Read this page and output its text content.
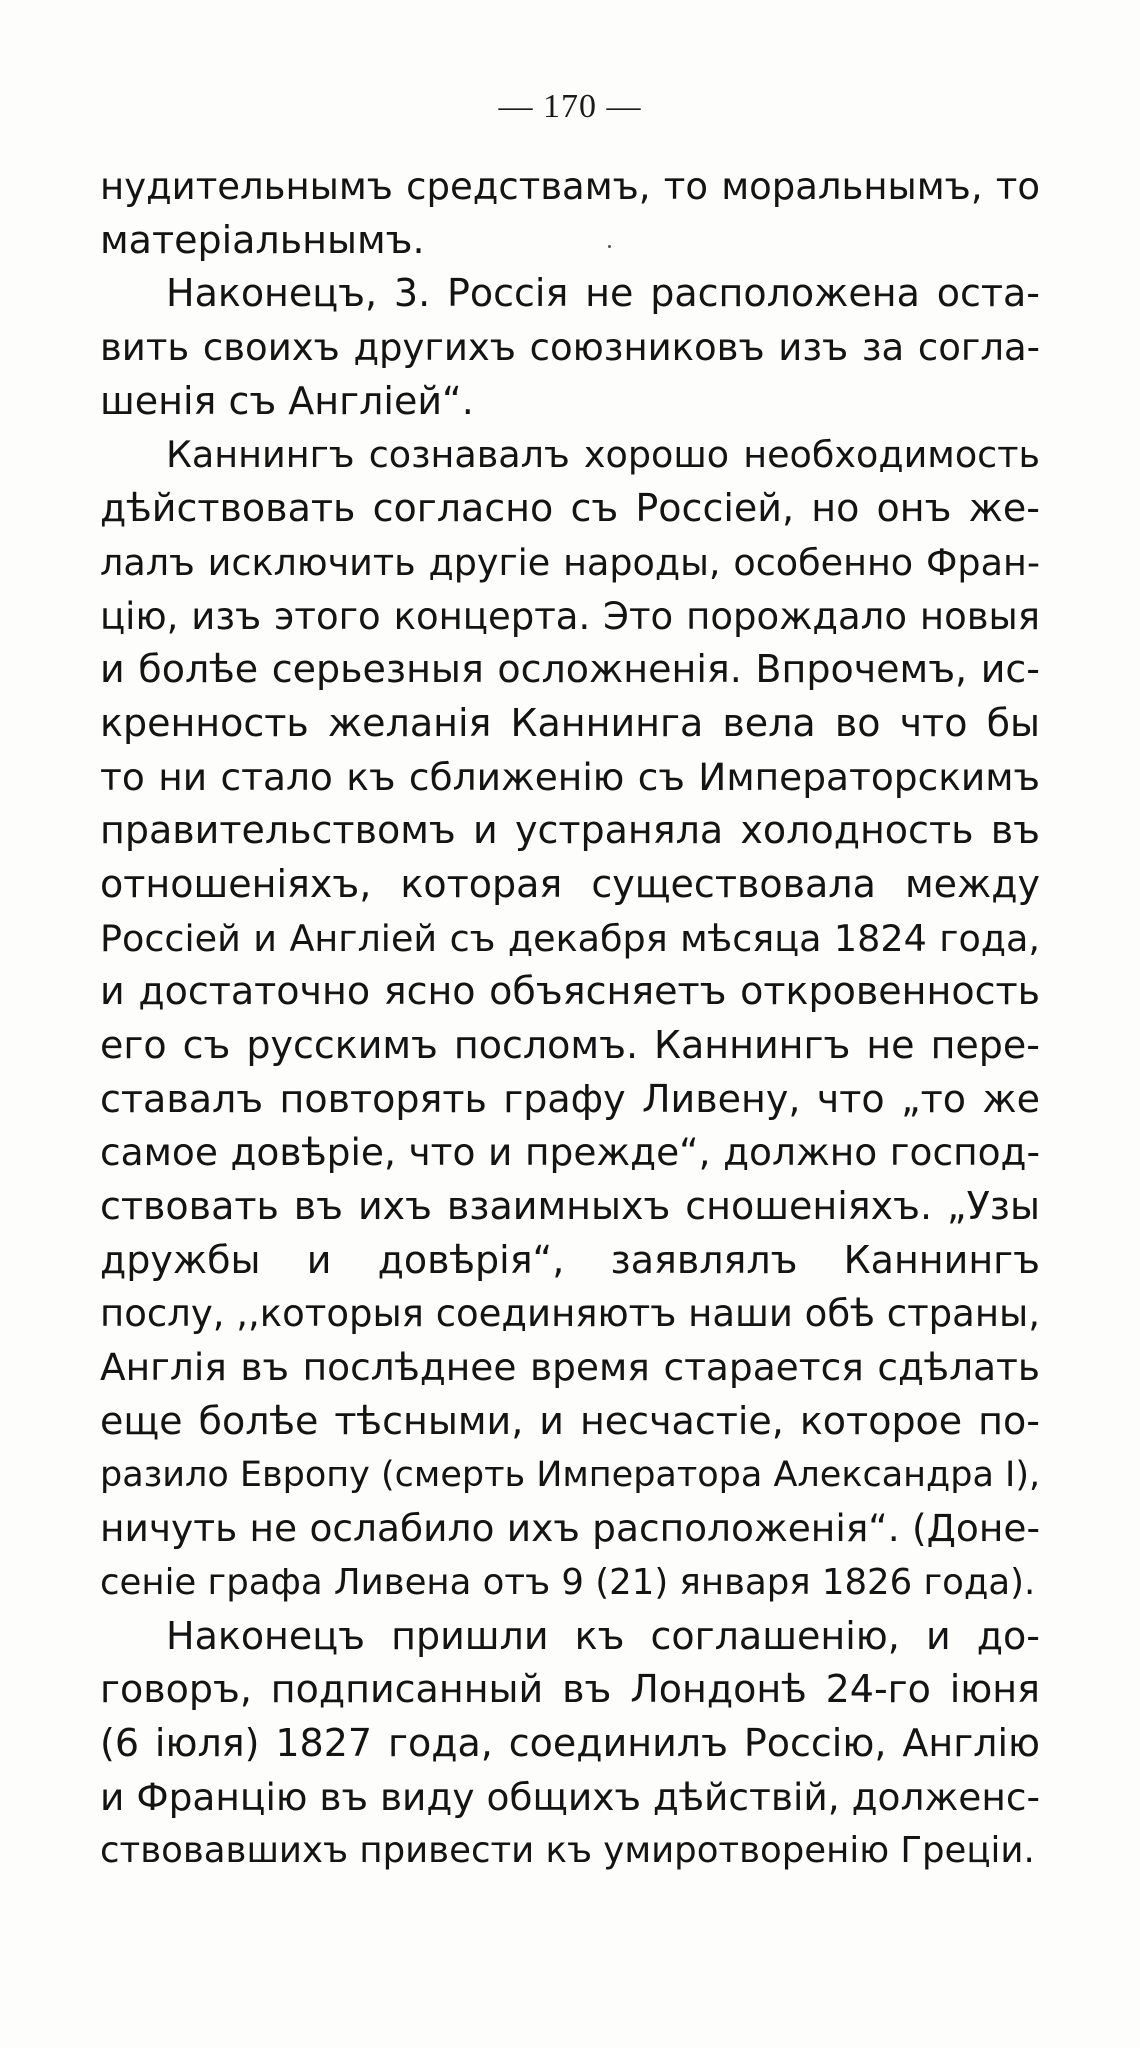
— 170 —
нудительнымъ средствамъ, то моральнымъ, то
матеріальнымъ.
Наконецъ, 3. Россія не расположена оста-
вить своихъ другихъ союзниковъ изъ за согла-
шенія съ Англіей“.
Каннингъ сознавалъ хорошо необходимость
дѣйствовать согласно съ Россіей, но онъ же-
лалъ исключить другіе народы, особенно Фран-
цію, изъ этого концерта. Это порождало новыя
и болѣе серьезныя осложненія. Впрочемъ, ис-
кренность желанія Каннинга вела во что бы
то ни стало къ сближенію съ Императорскимъ
правительствомъ и устраняла холодность въ
отношеніяхъ, которая существовала между
Россіей и Англіей съ декабря мѣсяца 1824 года,
и достаточно ясно объясняетъ откровенность
его съ русскимъ посломъ. Каннингъ не пере-
ставалъ повторять графу Ливену, что „то же
самое довѣріе, что и прежде“, должно господ-
ствовать въ ихъ взаимныхъ сношеніяхъ. „Узы
дружбы и довѣрія“, заявлялъ Каннингъ
послу, ,,которыя соединяютъ наши обѣ страны,
Англія въ послѣднее время старается сдѣлать
еще болѣе тѣсными, и несчастіе, которое по-
разило Европу (смерть Императора Александра I),
ничуть не ослабило ихъ расположенія“. (Доне-
сеніе графа Ливена отъ 9 (21) января 1826 года).
Наконецъ пришли къ соглашенію, и до-
говоръ, подписанный въ Лондонѣ 24-го іюня
(6 іюля) 1827 года, соединилъ Россію, Англію
и Францію въ виду общихъ дѣйствій, долженс-
ствовавшихъ привести къ умиротворенію Греціи.
